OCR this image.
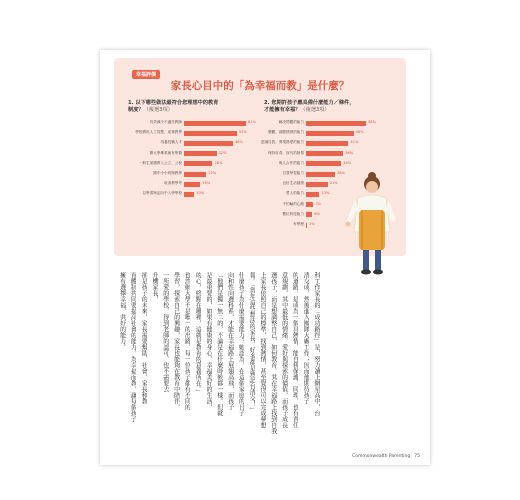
幸福評價
家長心目中的「為幸福而教」是什麼？
1. 以下哪些做法最符合您理想中的教育
制度？（複選3項）
2. 您期許孩子應具備什麼能力／條件，
才能擁有幸福？（複選3項）
有效減少不適任教師	61%
學校聘用人工智慧、產業教學	52%
培養技職人才	48%
開大學畢業就有學費	32%
一般生採國教入公立、公校	28%
國中小小班制教學	22%
取消教學考	16%
以學習與定向中入學學校	10%
解決問題的能力	58%
樂觀、調節情緒的能力	46%
認識自我、發現熱愛的能力	41%
保持好奇、探究的熱情	36%
與人合作的能力	34%
自我學習能力	28%
良好生活健康	21%
愛人的能力	13%
不怕輸的心態	7%
數位科技能力	6%
有學歷 1%
科工作家長的「成功路徑」是，努力讀上網星高中，台
清交成，然後進入團隊大廠工作；因而他期待孩子
的道路，是成為一個具熱情、能自我保護、同理、也有責任
意規劃，其中最低的情緒、愛好與探索的價值，而孩子成長
選孩子，而是想調整自己，如何教育、其在幸福路上找到自我
上家長依照自己的標準，找到熱情，甚至覺得可以完成夢想
報。「當年這些想法的家長，好多都是熟記台清交！」
什麼孩子為什麼需要能力？她認為，在這個家庭的日子
向和性向選科系，才能在幸福路上展翅高飛，而孩子
「他們是獨一無二的，不論是在什麼時候都一樣。但就
是最重要的，如果有健康的身心、幸福美好的生活，
的心，終點在哪裡，這就是教育的意義所在。」
也許網大學不是唯一的出路，每一位孩子都有不同的
學習，探索自己的興趣，家長也能夠在教育中陪伴，
一所愛的學校、得到老師的認可、也不需要去
升機家長，
卻是孩子的未來，家長需要幫助、社會，家長和教
育體制共同要提高社會的能力，為幸福而教，讓每個孩子
擁有選擇幸福，共好的能力。
Commonwealth Parenting 75
